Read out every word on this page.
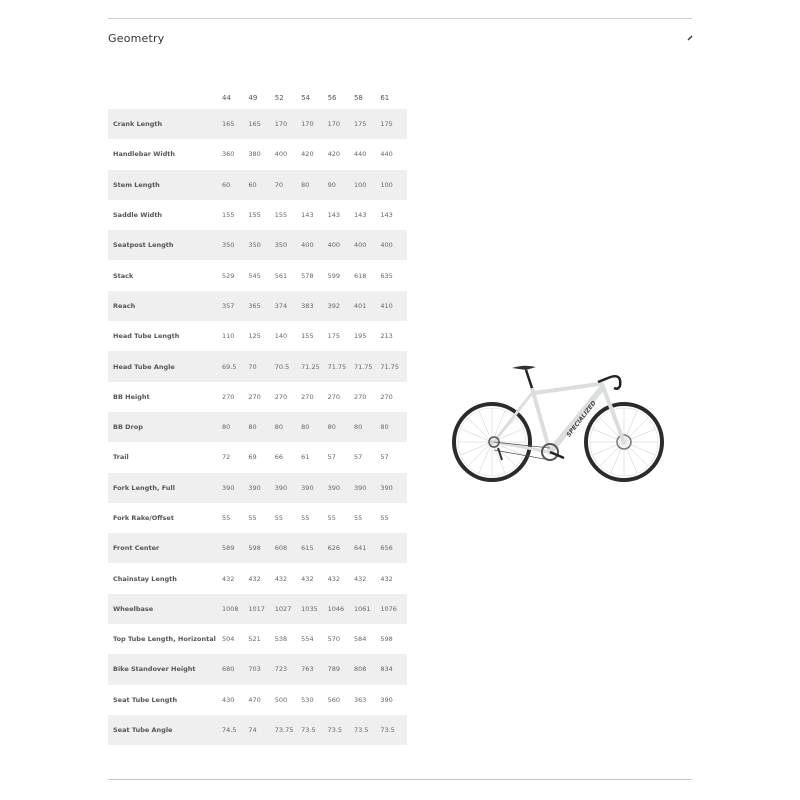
Geometry
	44	49	52	54	56	58	61
Crank Length	165	165	170	170	170	175	175
Handlebar Width	360	380	400	420	420	440	440
Stem Length	60	60	70	80	90	100	100
Saddle Width	155	155	155	143	143	143	143
Seatpost Length	350	350	350	400	400	400	400
Stack	529	545	561	578	599	618	635
Reach	357	365	374	383	392	401	410
Head Tube Length	110	125	140	155	175	195	213
Head Tube Angle	69.5	70	70.5	71.25	71.75	71.75	71.75
BB Height	270	270	270	270	270	270	270
BB Drop	80	80	80	80	80	80	80
Trail	72	69	66	61	57	57	57
Fork Length, Full	390	390	390	390	390	390	390
Fork Rake/Offset	55	55	55	55	55	55	55
Front Center	589	598	608	615	626	641	656
Chainstay Length	432	432	432	432	432	432	432
Wheelbase	1008	1017	1027	1035	1046	1061	1076
Top Tube Length, Horizontal	504	521	538	554	570	584	598
Bike Standover Height	680	703	723	763	789	808	834
Seat Tube Length	430	470	500	530	560	363	390
Seat Tube Angle	74.5	74	73.75	73.5	73.5	73.5	73.5
SPECIALIZED
